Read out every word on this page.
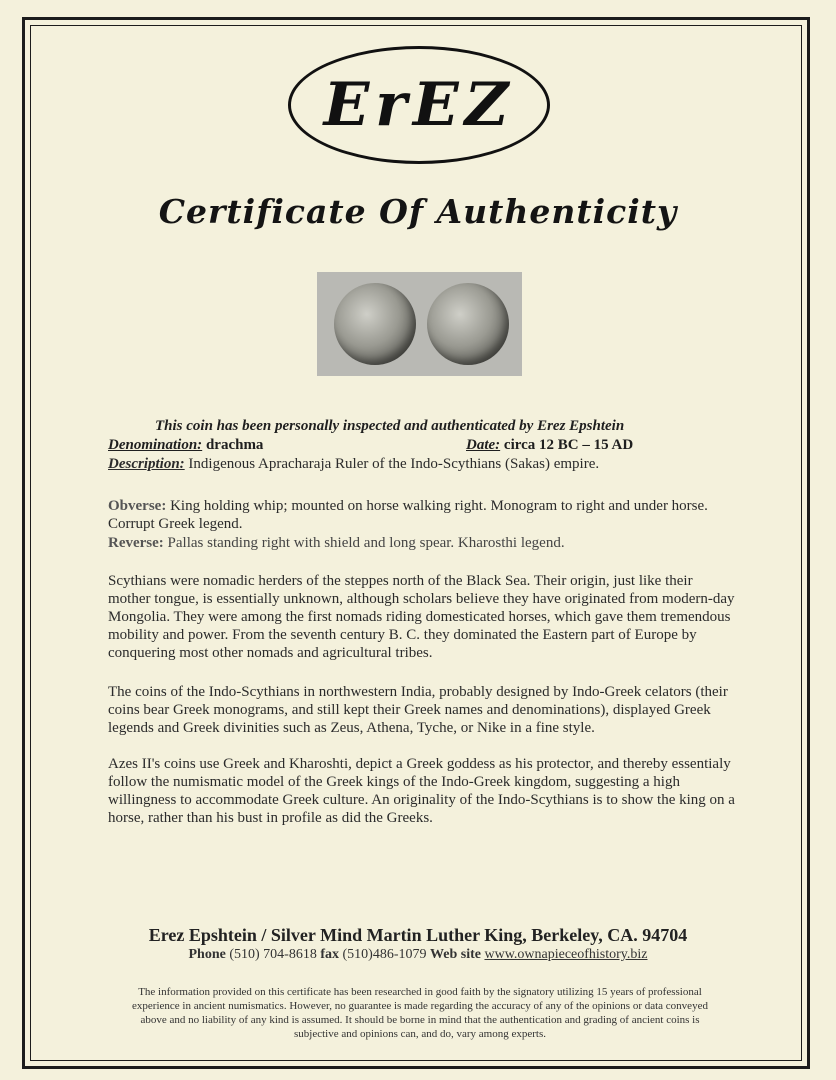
ErEZ
Certificate Of Authenticity
This coin has been personally inspected and authenticated by Erez Epshtein
Denomination: drachma	Date: circa 12 BC – 15 AD
Description: Indigenous Apracharaja Ruler of the Indo-Scythians (Sakas) empire.
Obverse: King holding whip; mounted on horse walking right. Monogram to right and under horse. Corrupt Greek legend.
Reverse: Pallas standing right with shield and long spear. Kharosthi legend.
Scythians were nomadic herders of the steppes north of the Black Sea. Their origin, just like their mother tongue, is essentially unknown, although scholars believe they have originated from modern-day Mongolia. They were among the first nomads riding domesticated horses, which gave them tremendous mobility and power. From the seventh century B. C. they dominated the Eastern part of Europe by conquering most other nomads and agricultural tribes.
The coins of the Indo-Scythians in northwestern India, probably designed by Indo-Greek celators (their coins bear Greek monograms, and still kept their Greek names and denominations), displayed Greek legends and Greek divinities such as Zeus, Athena, Tyche, or Nike in a fine style.
Azes II's coins use Greek and Kharoshti, depict a Greek goddess as his protector, and thereby essentialy follow the numismatic model of the Greek kings of the Indo-Greek kingdom, suggesting a high willingness to accommodate Greek culture. An originality of the Indo-Scythians is to show the king on a horse, rather than his bust in profile as did the Greeks.
Erez Epshtein / Silver Mind Martin Luther King, Berkeley, CA. 94704
Phone (510) 704-8618 fax (510)486-1079 Web site www.ownapieceofhistory.biz
The information provided on this certificate has been researched in good faith by the signatory utilizing 15 years of professional experience in ancient numismatics. However, no guarantee is made regarding the accuracy of any of the opinions or data conveyed above and no liability of any kind is assumed. It should be borne in mind that the authentication and grading of ancient coins is subjective and opinions can, and do, vary among experts.
